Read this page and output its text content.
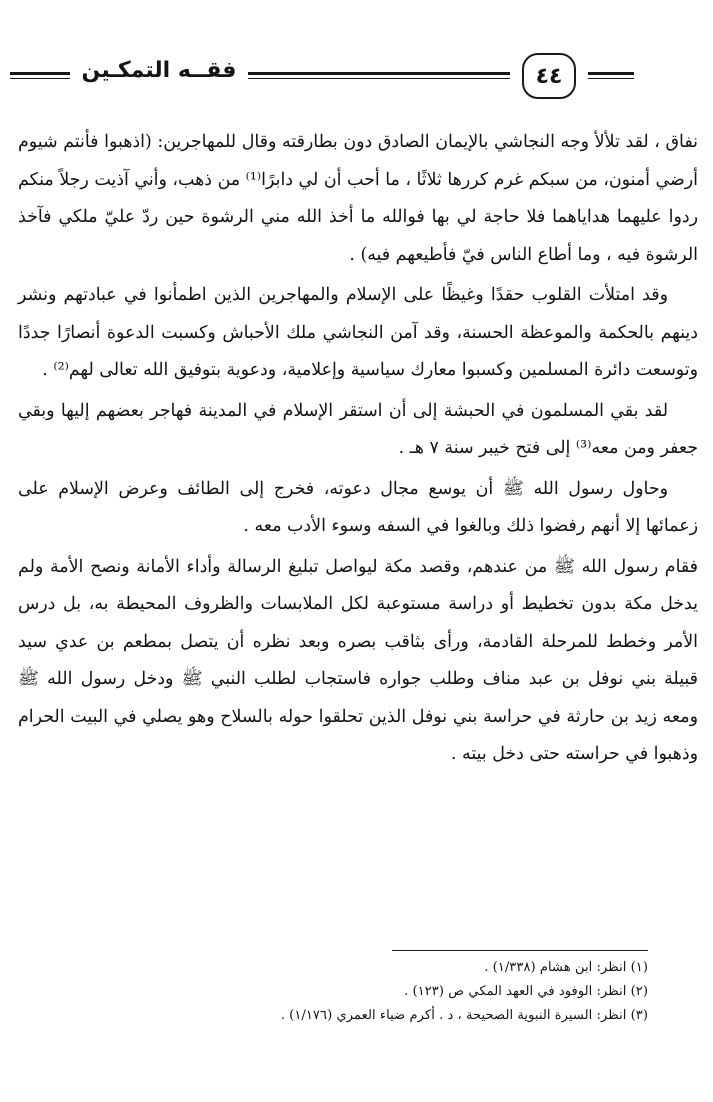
فقــه التمكـين	٤٤

نفاق ، لقد تلألأ وجه النجاشي بالإيمان الصادق دون بطارقته وقال للمهاجرين: (اذهبوا فأنتم شيوم أرضي أمنون، من سبكم غرم كررها ثلاثًا ، ما أحب أن لي دابرًا⁽¹⁾ من ذهب، وأني آذيت رجلاً منكم ردوا عليهما هداياهما فلا حاجة لي بها فوالله ما أخذ الله مني الرشوة حين ردّ عليّ ملكي فآخذ الرشوة فيه ، وما أطاع الناس فيّ فأطيعهم فيه) .

وقد امتلأت القلوب حقدًا وغيظًا على الإسلام والمهاجرين الذين اطمأنوا في عبادتهم ونشر دينهم بالحكمة والموعظة الحسنة، وقد آمن النجاشي ملك الأحباش وكسبت الدعوة أنصارًا جددًا وتوسعت دائرة المسلمين وكسبوا معارك سياسية وإعلامية، ودعوية بتوفيق الله تعالى لهم⁽²⁾ .

لقد بقي المسلمون في الحبشة إلى أن استقر الإسلام في المدينة فهاجر بعضهم إليها وبقي جعفر ومن معه⁽³⁾ إلى فتح خيبر سنة ٧ هـ .

وحاول رسول الله ﷺ أن يوسع مجال دعوته، فخرج إلى الطائف وعرض الإسلام على زعمائها إلا أنهم رفضوا ذلك وبالغوا في السفه وسوء الأدب معه .

فقام رسول الله ﷺ من عندهم، وقصد مكة ليواصل تبليغ الرسالة وأداء الأمانة ونصح الأمة ولم يدخل مكة بدون تخطيط أو دراسة مستوعبة لكل الملابسات والظروف المحيطة به، بل درس الأمر وخطط للمرحلة القادمة، ورأى بثاقب بصره وبعد نظره أن يتصل بمطعم بن عدي سيد قبيلة بني نوفل بن عبد مناف وطلب جواره فاستجاب لطلب النبي ﷺ ودخل رسول الله ﷺ ومعه زيد بن حارثة في حراسة بني نوفل الذين تحلقوا حوله بالسلاح وهو يصلي في البيت الحرام وذهبوا في حراسته حتى دخل بيته .

(١) انظر: ابن هشام (١/٣٣٨) .
(٢) انظر: الوفود في العهد المكي ص (١٢٣) .
(٣) انظر: السيرة النبوية الصحيحة ، د . أكرم ضياء العمري (١/١٧٦) .
